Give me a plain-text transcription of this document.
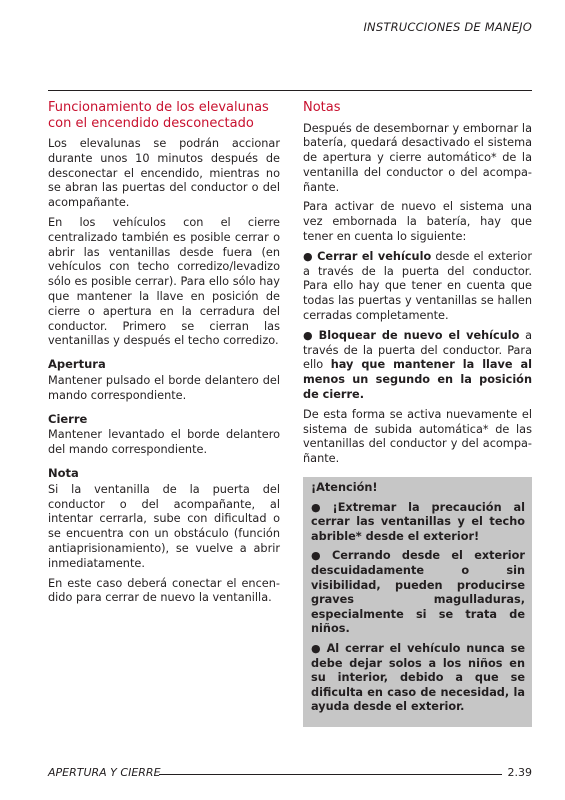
INSTRUCCIONES DE MANEJO
Funcionamiento de los elevalunas con el encendido desconectado

Los elevalunas se podrán accionar durante unos 10 minutos después de desconectar el encendido, mientras no se abran las puertas del conductor o del acompañante.

En los vehículos con el cierre centralizado también es posible cerrar o abrir las ventanillas desde fuera (en vehículos con techo corredizo/levadizo sólo es posible cerrar). Para ello sólo hay que mantener la llave en posición de cierre o apertura en la cerradura del conductor. Primero se cierran las ventanillas y después el techo corredizo.

Apertura

Mantener pulsado el borde delantero del mando correspondiente.

Cierre

Mantener levantado el borde delantero del mando correspondiente.

Nota

Si la ventanilla de la puerta del conductor o del acompañante, al intentar cerrarla, sube con dificultad o se encuentra con un obstáculo (función antiaprisionamiento), se vuelve a abrir inmediatamente.

En este caso deberá conectar el encendido para cerrar de nuevo la ventanilla.

Notas

Después de desembornar y embornar la batería, quedará desactivado el sistema de apertura y cierre automático* de la ventanilla del conductor o del acompañante.

Para activar de nuevo el sistema una vez embornada la batería, hay que tener en cuenta lo siguiente:

● Cerrar el vehículo desde el exterior a través de la puerta del conductor. Para ello hay que tener en cuenta que todas las puertas y ventanillas se hallen cerradas completamente.

● Bloquear de nuevo el vehículo a través de la puerta del conductor. Para ello hay que mantener la llave al menos un segundo en la posición de cierre.

De esta forma se activa nuevamente el sistema de subida automática* de las ventanillas del conductor y del acompañante.

¡Atención!

● ¡Extremar la precaución al cerrar las ventanillas y el techo abrible* desde el exterior!

● Cerrando desde el exterior descuidadamente o sin visibilidad, pueden producirse graves magulladuras, especialmente si se trata de niños.

● Al cerrar el vehículo nunca se debe dejar solos a los niños en su interior, debido a que se dificulta en caso de necesidad, la ayuda desde el exterior.

APERTURA Y CIERRE	2.39
